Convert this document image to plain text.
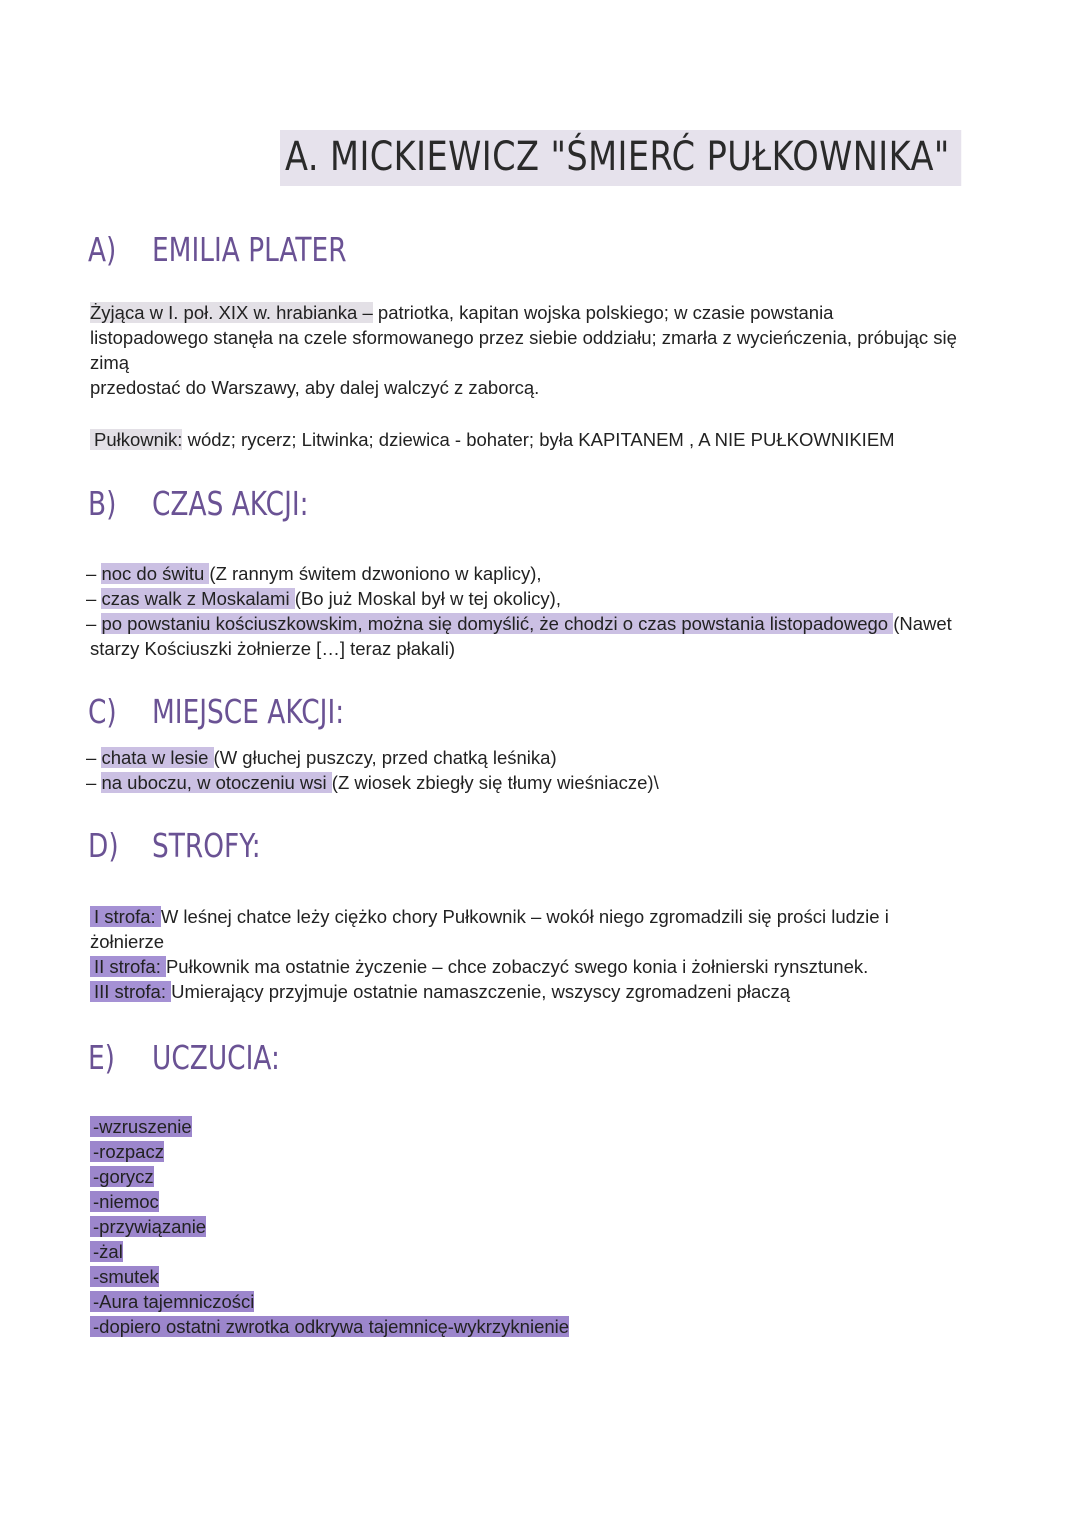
A. MICKIEWICZ "ŚMIERĆ PUŁKOWNIKA"
A) EMILIA PLATER
Żyjąca w I. poł. XIX w. hrabianka – patriotka, kapitan wojska polskiego; w czasie powstania
listopadowego stanęła na czele sformowanego przez siebie oddziału; zmarła z wycieńczenia, próbując się
zimą
przedostać do Warszawy, aby dalej walczyć z zaborcą.
Pułkownik: wódz; rycerz; Litwinka; dziewica - bohater; była KAPITANEM , A NIE PUŁKOWNIKIEM
B) CZAS AKCJI:
– noc do świtu (Z rannym świtem dzwoniono w kaplicy),
– czas walk z Moskalami (Bo już Moskal był w tej okolicy),
– po powstaniu kościuszkowskim, można się domyślić, że chodzi o czas powstania listopadowego (Nawet
starzy Kościuszki żołnierze […] teraz płakali)
C) MIEJSCE AKCJI:
– chata w lesie (W głuchej puszczy, przed chatką leśnika)
– na uboczu, w otoczeniu wsi (Z wiosek zbiegły się tłumy wieśniacze)\
D) STROFY:
I strofa: W leśnej chatce leży ciężko chory Pułkownik – wokół niego zgromadzili się prości ludzie i
żołnierze
II strofa: Pułkownik ma ostatnie życzenie – chce zobaczyć swego konia i żołnierski rynsztunek.
III strofa: Umierający przyjmuje ostatnie namaszczenie, wszyscy zgromadzeni płaczą
E) UCZUCIA:
-wzruszenie
-rozpacz
-gorycz
-niemoc
-przywiązanie
-żal
-smutek
-Aura tajemniczości
-dopiero ostatni zwrotka odkrywa tajemnicę-wykrzyknienie
